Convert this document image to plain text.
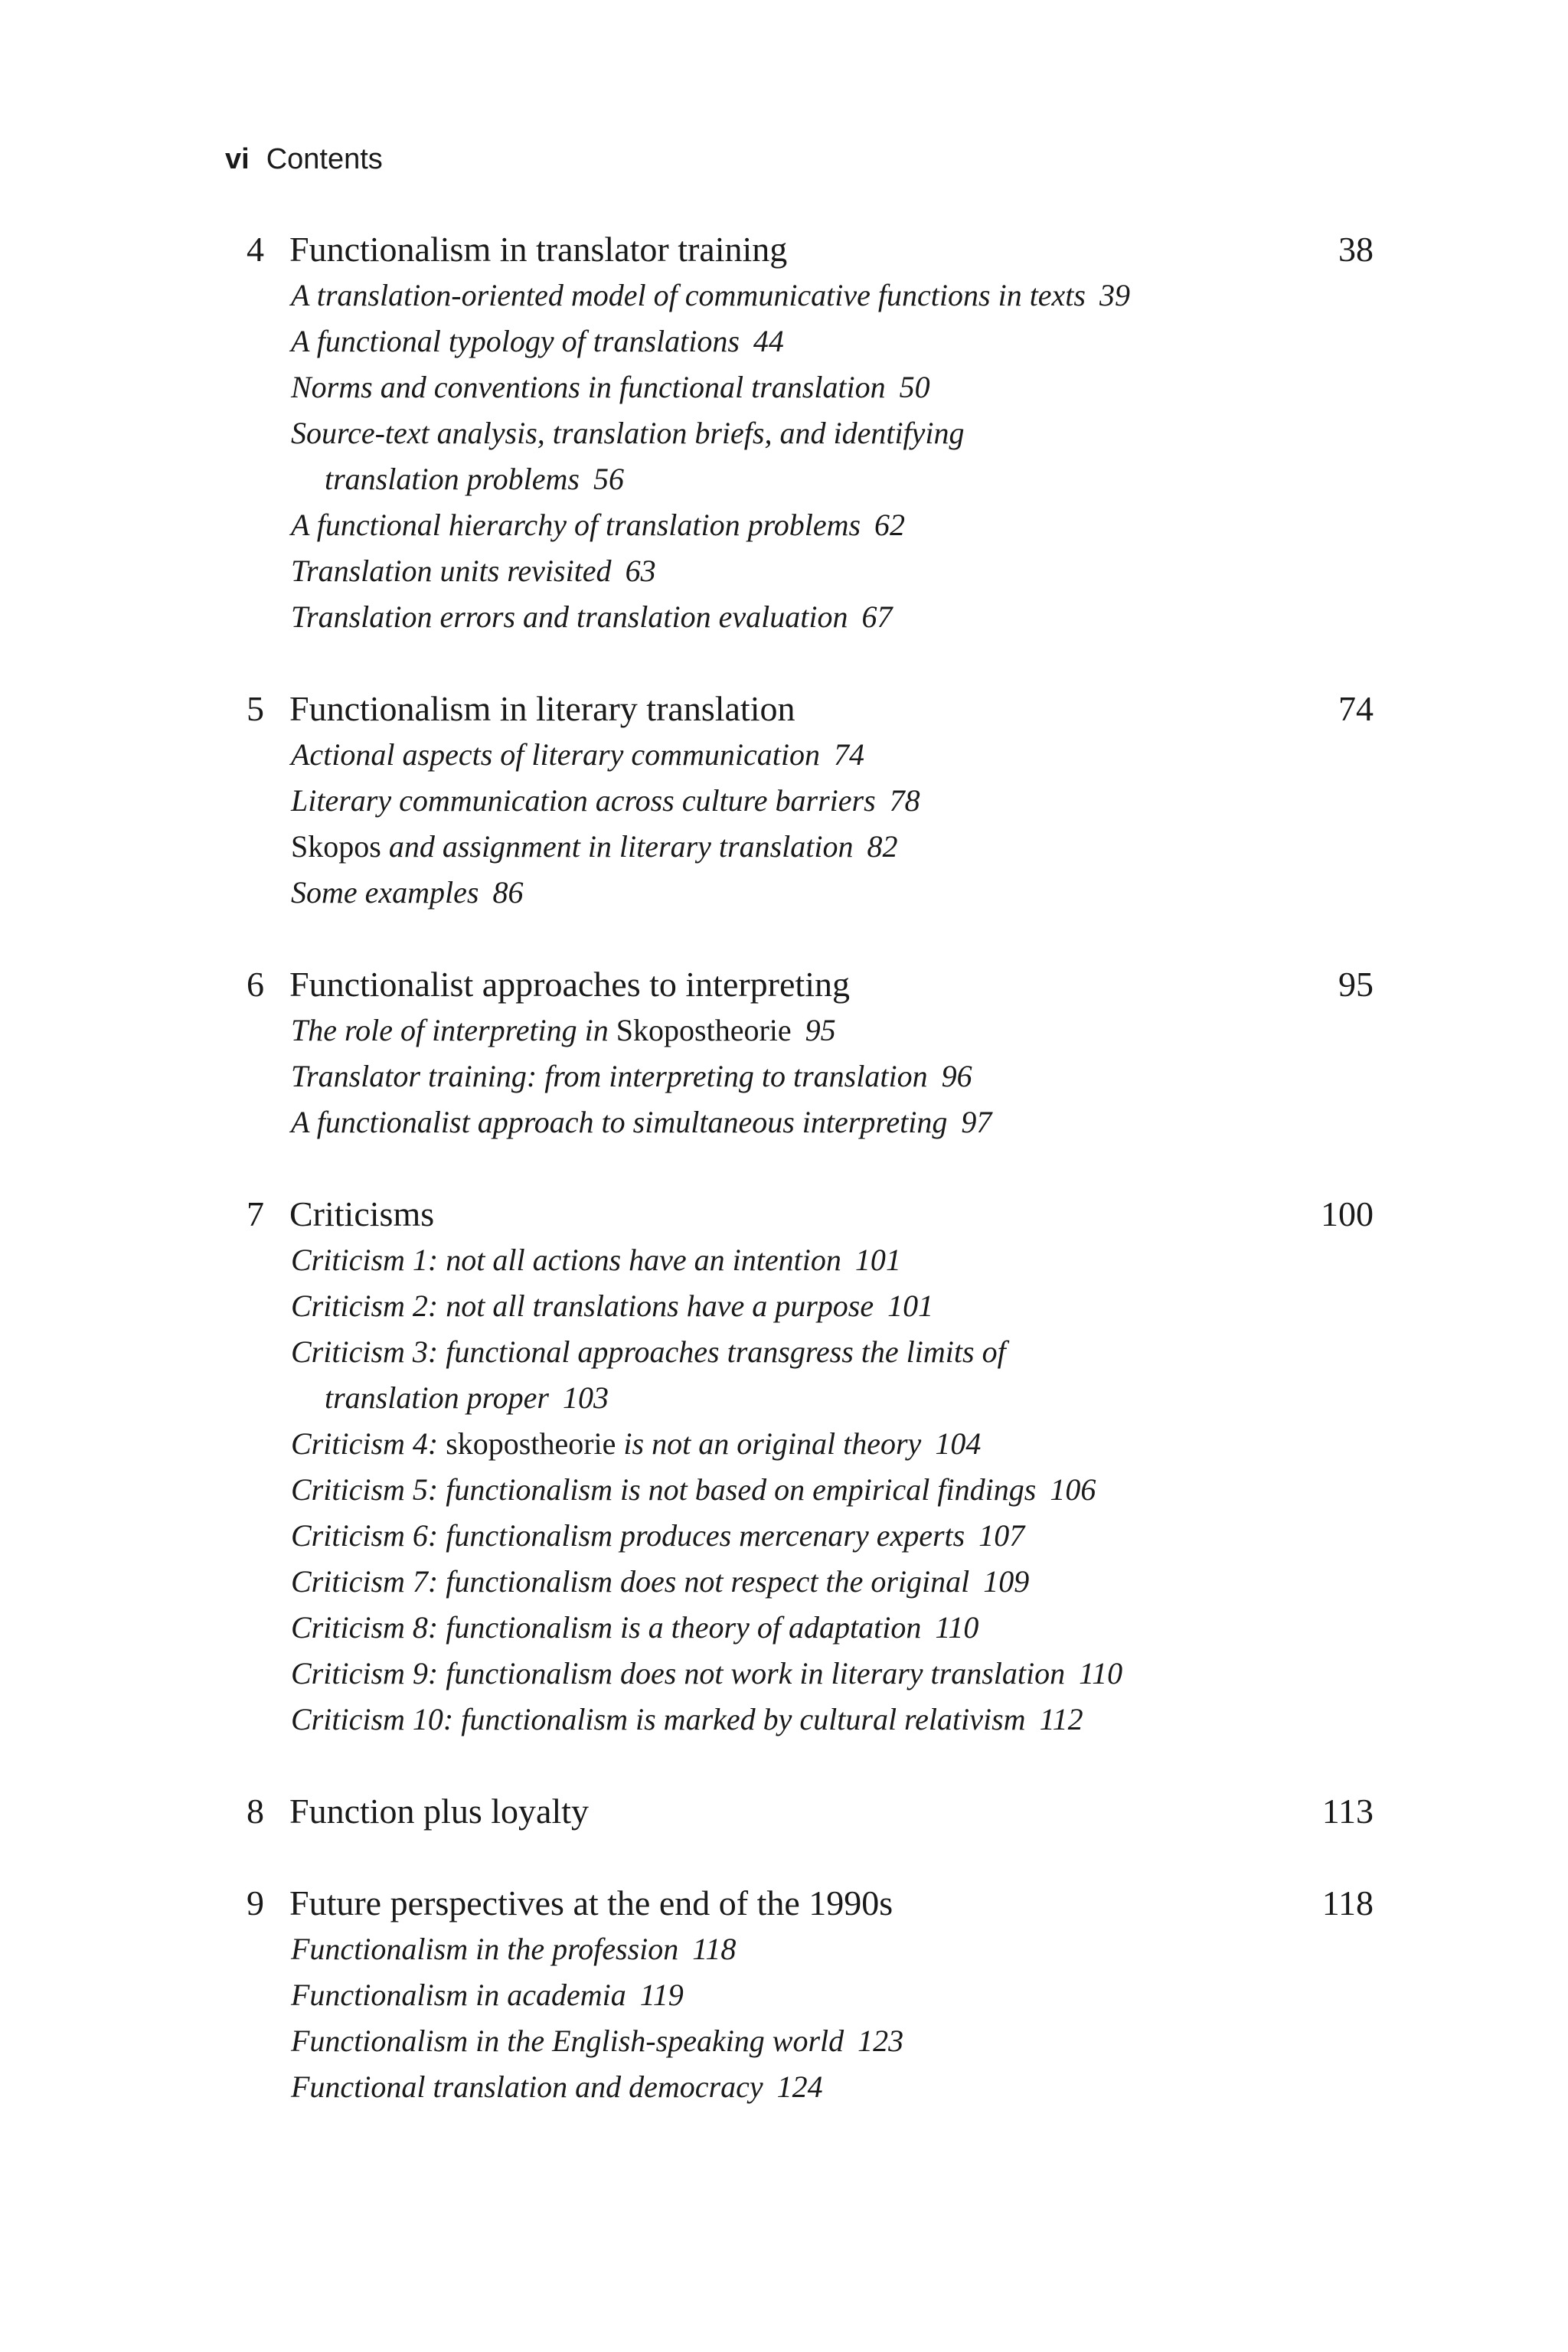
vi Contents
4 Functionalism in translator training	38
A translation-oriented model of communicative functions in texts 39
A functional typology of translations 44
Norms and conventions in functional translation 50
Source-text analysis, translation briefs, and identifying
translation problems 56
A functional hierarchy of translation problems 62
Translation units revisited 63
Translation errors and translation evaluation 67
5 Functionalism in literary translation	74
Actional aspects of literary communication 74
Literary communication across culture barriers 78
Skopos and assignment in literary translation 82
Some examples 86
6 Functionalist approaches to interpreting	95
The role of interpreting in Skopostheorie 95
Translator training: from interpreting to translation 96
A functionalist approach to simultaneous interpreting 97
7 Criticisms	100
Criticism 1: not all actions have an intention 101
Criticism 2: not all translations have a purpose 101
Criticism 3: functional approaches transgress the limits of
translation proper 103
Criticism 4: skopostheorie is not an original theory 104
Criticism 5: functionalism is not based on empirical findings 106
Criticism 6: functionalism produces mercenary experts 107
Criticism 7: functionalism does not respect the original 109
Criticism 8: functionalism is a theory of adaptation 110
Criticism 9: functionalism does not work in literary translation 110
Criticism 10: functionalism is marked by cultural relativism 112
8 Function plus loyalty	113
9 Future perspectives at the end of the 1990s	118
Functionalism in the profession 118
Functionalism in academia 119
Functionalism in the English-speaking world 123
Functional translation and democracy 124
